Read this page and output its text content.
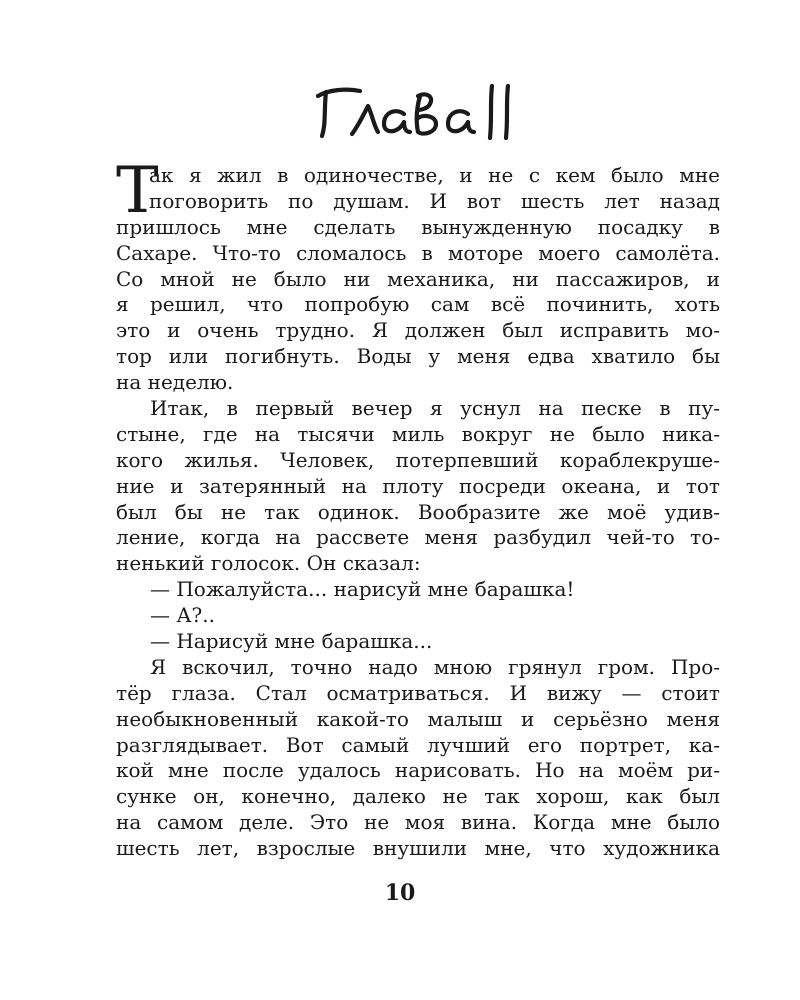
Т
ак я жил в одиночестве, и не с кем было мне
поговорить по душам. И вот шесть лет назад
пришлось мне сделать вынужденную посадку в
Сахаре. Что-то сломалось в моторе моего самолёта.
Со мной не было ни механика, ни пассажиров, и
я решил, что попробую сам всё починить, хоть
это и очень трудно. Я должен был исправить мо-
тор или погибнуть. Воды у меня едва хватило бы
на неделю.
Итак, в первый вечер я уснул на песке в пу-
стыне, где на тысячи миль вокруг не было ника-
кого жилья. Человек, потерпевший кораблекруше-
ние и затерянный на плоту посреди океана, и тот
был бы не так одинок. Вообразите же моё удив-
ление, когда на рассвете меня разбудил чей-то то-
ненький голосок. Он сказал:
— Пожалуйста... нарисуй мне барашка!
— А?..
— Нарисуй мне барашка...
Я вскочил, точно надо мною грянул гром. Про-
тёр глаза. Стал осматриваться. И вижу — стоит
необыкновенный какой-то малыш и серьёзно меня
разглядывает. Вот самый лучший его портрет, ка-
кой мне после удалось нарисовать. Но на моём ри-
сунке он, конечно, далеко не так хорош, как был
на самом деле. Это не моя вина. Когда мне было
шесть лет, взрослые внушили мне, что художника
10
